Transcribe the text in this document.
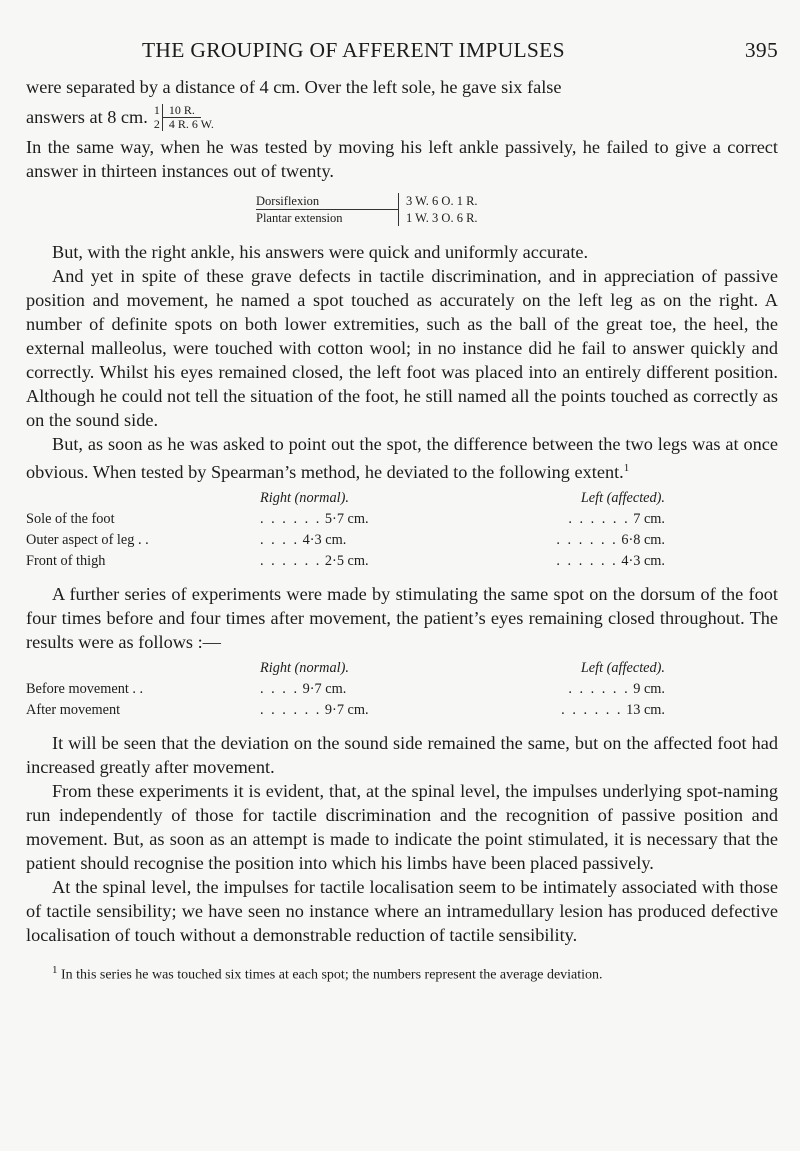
THE GROUPING OF AFFERENT IMPULSES	395

were separated by a distance of 4 cm. Over the left sole, he gave six false

answers at 8 cm. 1 10 R.
2 4 R. 6 W.

In the same way, when he was tested by moving his left ankle passively, he failed to give a correct answer in thirteen instances out of twenty.

Dorsiflexion	3 W. 6 O. 1 R.
Plantar extension	1 W. 3 O. 6 R.

But, with the right ankle, his answers were quick and uniformly accurate.

And yet in spite of these grave defects in tactile discrimination, and in appreciation of passive position and movement, he named a spot touched as accurately on the left leg as on the right. A number of definite spots on both lower extremities, such as the ball of the great toe, the heel, the external malleolus, were touched with cotton wool; in no instance did he fail to answer quickly and correctly. Whilst his eyes remained closed, the left foot was placed into an entirely different position. Although he could not tell the situation of the foot, he still named all the points touched as correctly as on the sound side.

But, as soon as he was asked to point out the spot, the difference between the two legs was at once obvious. When tested by Spearman’s method, he deviated to the following extent.$^1$

Right (normal).	Left (affected).
Sole of the foot	. . . . . . 5·7 cm.	. . . . . . 7 cm.
Outer aspect of leg . .	. . . . 4·3 cm.	. . . . . . 6·8 cm.
Front of thigh	. . . . . . 2·5 cm.	. . . . . . 4·3 cm.

A further series of experiments were made by stimulating the same spot on the dorsum of the foot four times before and four times after movement, the patient’s eyes remaining closed throughout. The results were as follows :—

Right (normal).	Left (affected).
Before movement . .	. . . . 9·7 cm.	. . . . . . 9 cm.
After movement	. . . . . . 9·7 cm.	. . . . . . 13 cm.

It will be seen that the deviation on the sound side remained the same, but on the affected foot had increased greatly after movement.

From these experiments it is evident, that, at the spinal level, the impulses underlying spot-naming run independently of those for tactile discrimination and the recognition of passive position and movement. But, as soon as an attempt is made to indicate the point stimulated, it is necessary that the patient should recognise the position into which his limbs have been placed passively.

At the spinal level, the impulses for tactile localisation seem to be intimately associated with those of tactile sensibility; we have seen no instance where an intramedullary lesion has produced defective localisation of touch without a demonstrable reduction of tactile sensibility.

$^1$ In this series he was touched six times at each spot; the numbers represent the average deviation.
